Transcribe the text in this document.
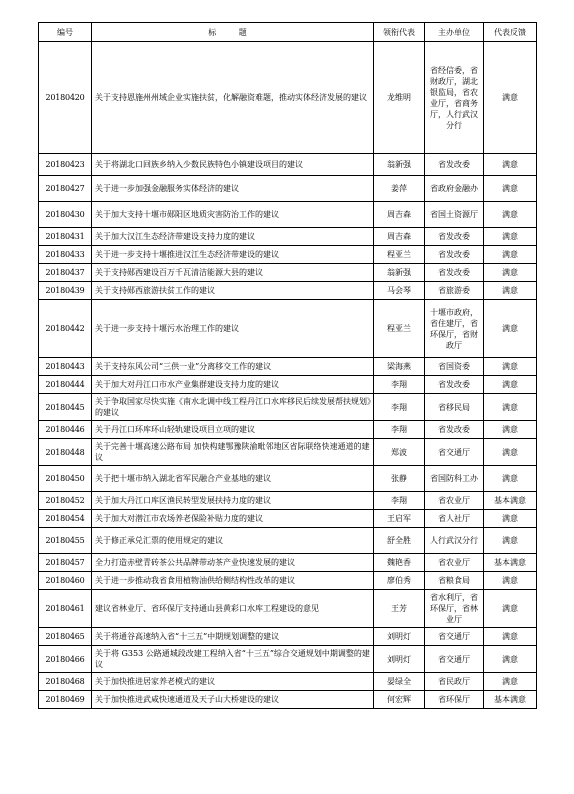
编号	标 题	领衔代表	主办单位	代表反馈
20180420	关于支持恩施州州域企业实施扶贫，化解融资难题，推动实体经济发展的建议	龙维明	省经信委，省财政厅，湖北银监局，省农业厅，省商务厅，人行武汉分行	满意
20180423	关于将湖北口回族乡纳入少数民族特色小镇建设项目的建议	翁新强	省发改委	满意
20180427	关于进一步加强金融服务实体经济的建议	姜萍	省政府金融办	满意
20180430	关于加大支持十堰市郧阳区地质灾害防治工作的建议	周吉森	省国土资源厅	满意
20180431	关于加大汉江生态经济带建设支持力度的建议	周吉森	省发改委	满意
20180433	关于进一步支持十堰推进汉江生态经济带建设的建议	程亚兰	省发改委	满意
20180437	关于支持郧西建设百万千瓦清洁能源大县的建议	翁新强	省发改委	满意
20180439	关于支持郧西旅游扶贫工作的建议	马会琴	省旅游委	满意
20180442	关于进一步支持十堰污水治理工作的建议	程亚兰	十堰市政府，省住建厅，省环保厅，省财政厅	满意
20180443	关于支持东风公司“三供一业”分离移交工作的建议	梁海燕	省国资委	满意
20180444	关于加大对丹江口市水产业集群建设支持力度的建议	李翔	省发改委	满意
20180445	关于争取国家尽快实施《南水北调中线工程丹江口水库移民后续发展帮扶规划》的建议	李翔	省移民局	满意
20180446	关于丹江口环库环山轻轨建设项目立项的建议	李翔	省发改委	满意
20180448	关于完善十堰高速公路布局 加快构建鄂豫陕渝毗邻地区省际联络快速通道的建议	郑波	省交通厅	满意
20180450	关于把十堰市纳入湖北省军民融合产业基地的建议	张静	省国防科工办	满意
20180452	关于加大丹江口库区渔民转型发展扶持力度的建议	李翔	省农业厅	基本满意
20180454	关于加大对潜江市农场养老保险补贴力度的建议	王启军	省人社厅	满意
20180455	关于修正承兑汇票的使用规定的建议	舒全胜	人行武汉分行	满意
20180457	全力打造赤壁青砖茶公共品牌带动茶产业快速发展的建议	魏艳香	省农业厅	基本满意
20180460	关于进一步推动我省食用植物油供给侧结构性改革的建议	廖伯秀	省粮食局	满意
20180461	建议省林业厅、省环保厅支持通山县黄彩口水库工程建设的意见	王芳	省水利厅，省环保厅，省林业厅	满意
20180465	关于将通谷高速纳入省“十三五”中期规划调整的建议	刘明灯	省交通厅	满意
20180466	关于将 G353 公路通城段改建工程纳入省“十三五”综合交通规划中期调整的建议	刘明灯	省交通厅	满意
20180468	关于加快推进居家养老模式的建议	晏绿全	省民政厅	满意
20180469	关于加快推进武咸快速通道及天子山大桥建设的建议	何宏辉	省环保厅	基本满意
